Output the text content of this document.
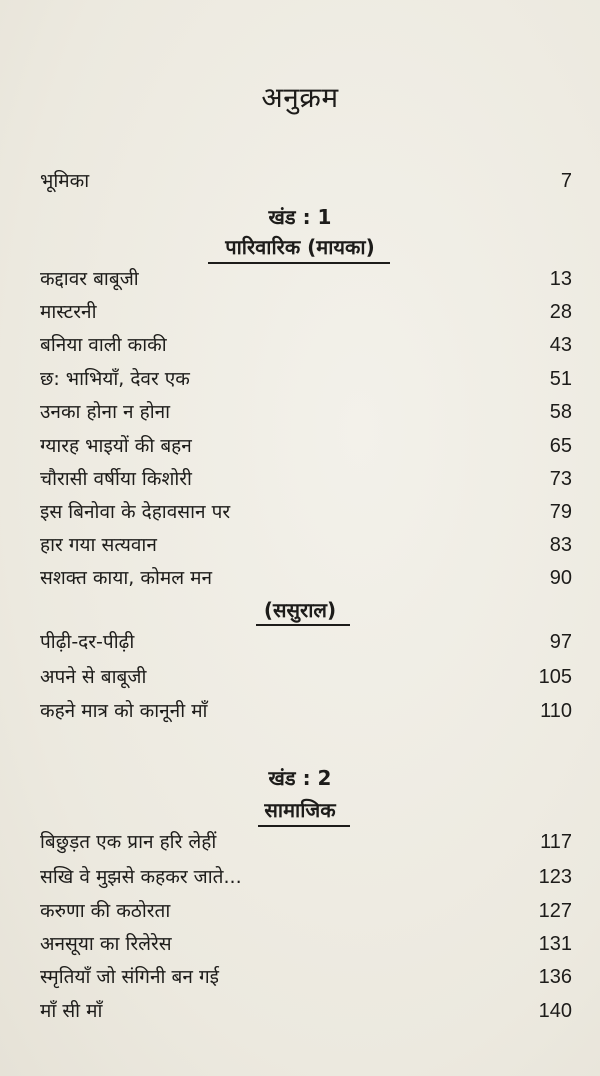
अनुक्रम
भूमिका	7
खंड : 1
पारिवारिक (मायका)
कद्दावर बाबूजी	13
मास्टरनी	28
बनिया वाली काकी	43
छ: भाभियाँ, देवर एक	51
उनका होना न होना	58
ग्यारह भाइयों की बहन	65
चौरासी वर्षीया किशोरी	73
इस बिनोवा के देहावसान पर	79
हार गया सत्यवान	83
सशक्त काया, कोमल मन	90
(ससुराल)
पीढ़ी-दर-पीढ़ी	97
अपने से बाबूजी	105
कहने मात्र को कानूनी माँ	110
खंड : 2
सामाजिक
बिछुड़त एक प्रान हरि लेहीं	117
सखि वे मुझसे कहकर जाते...	123
करुणा की कठोरता	127
अनसूया का रिलेरेस	131
स्मृतियाँ जो संगिनी बन गई	136
माँ सी माँ	140
